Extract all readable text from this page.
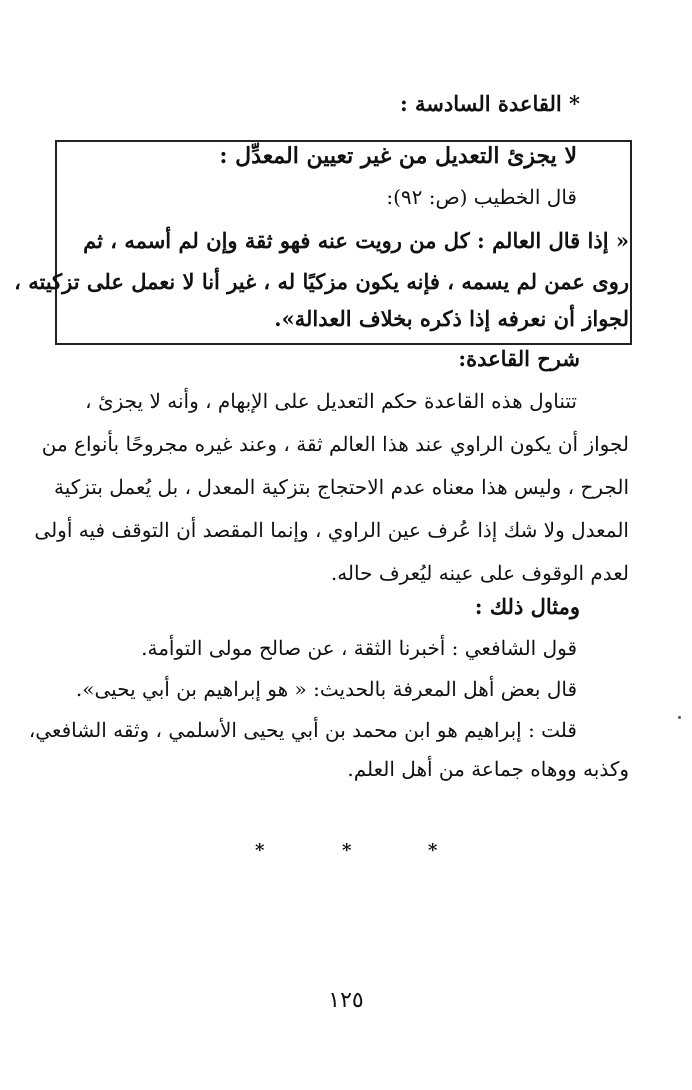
* القاعدة السادسة :
لا يجزئ التعديل من غير تعيين المعدِّل :
قال الخطيب (ص: ٩٢):
« إذا قال العالم : كل من رويت عنه فهو ثقة وإن لم أسمه ، ثم
روى عمن لم يسمه ، فإنه يكون مزكيًا له ، غير أنا لا نعمل على تزكيته ،
لجواز أن نعرفه إذا ذكره بخلاف العدالة».
شرح القاعدة:
تتناول هذه القاعدة حكم التعديل على الإبهام ، وأنه لا يجزئ ،
لجواز أن يكون الراوي عند هذا العالم ثقة ، وعند غيره مجروحًا بأنواع من
الجرح ، وليس هذا معناه عدم الاحتجاج بتزكية المعدل ، بل يُعمل بتزكية
المعدل ولا شك إذا عُرف عين الراوي ، وإنما المقصد أن التوقف فيه أولى
لعدم الوقوف على عينه ليُعرف حاله.
ومثال ذلك :
قول الشافعي : أخبرنا الثقة ، عن صالح مولى التوأمة.
قال بعض أهل المعرفة بالحديث: « هو إبراهيم بن أبي يحيى».
قلت : إبراهيم هو ابن محمد بن أبي يحيى الأسلمي ، وثقه الشافعي،
وكذبه ووهاه جماعة من أهل العلم.
*	*	*
١٢٥
